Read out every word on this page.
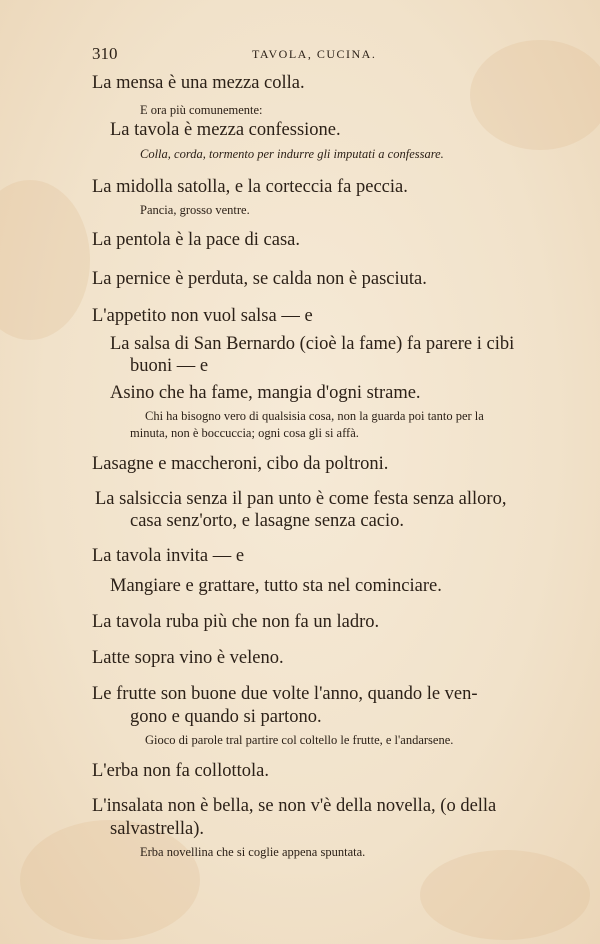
310	TAVOLA, CUCINA.
La mensa è una mezza colla.
E ora più comunemente:
La tavola è mezza confessione.
Colla, corda, tormento per indurre gli imputati a confessare.
La midolla satolla, e la corteccia fa peccia.
Pancia, grosso ventre.
La pentola è la pace di casa.
La pernice è perduta, se calda non è pasciuta.
L'appetito non vuol salsa — e
La salsa di San Bernardo (cioè la fame) fa parere i cibi
buoni — e
Asino che ha fame, mangia d'ogni strame.
Chi ha bisogno vero di qualsisia cosa, non la guarda poi tanto per la
minuta, non è boccuccia; ogni cosa gli si affà.
Lasagne e maccheroni, cibo da poltroni.
La salsiccia senza il pan unto è come festa senza alloro,
casa senz'orto, e lasagne senza cacio.
La tavola invita — e
Mangiare e grattare, tutto sta nel cominciare.
La tavola ruba più che non fa un ladro.
Latte sopra vino è veleno.
Le frutte son buone due volte l'anno, quando le ven-
gono e quando si partono.
Gioco di parole tral partire col coltello le frutte, e l'andarsene.
L'erba non fa collottola.
L'insalata non è bella, se non v'è della novella, (o della
salvastrella).
Erba novellina che si coglie appena spuntata.
